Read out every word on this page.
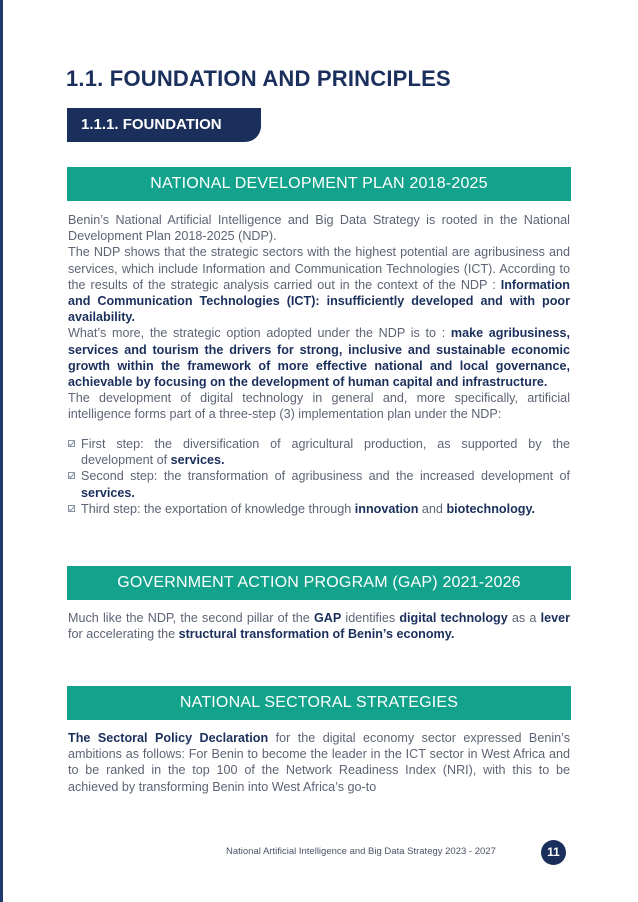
1.1. FOUNDATION AND PRINCIPLES
1.1.1. FOUNDATION
NATIONAL DEVELOPMENT PLAN 2018-2025

Benin’s National Artificial Intelligence and Big Data Strategy is rooted in the National Development Plan 2018-2025 (NDP).

The NDP shows that the strategic sectors with the highest potential are agribusiness and services, which include Information and Communication Technologies (ICT). According to the results of the strategic analysis carried out in the context of the NDP : Information and Communication Technologies (ICT): insufficiently developed and with poor availability.

What’s more, the strategic option adopted under the NDP is to : make agribusiness, services and tourism the drivers for strong, inclusive and sustainable economic growth within the framework of more effective national and local governance, achievable by focusing on the development of human capital and infrastructure.

The development of digital technology in general and, more specifically, artificial intelligence forms part of a three-step (3) implementation plan under the NDP:

First step: the diversification of agricultural production, as supported by the development of services.
Second step: the transformation of agribusiness and the increased development of services.
Third step: the exportation of knowledge through innovation and biotechnology.
GOVERNMENT ACTION PROGRAM (GAP) 2021-2026

Much like the NDP, the second pillar of the GAP identifies digital technology as a lever for accelerating the structural transformation of Benin’s economy.

NATIONAL SECTORAL STRATEGIES

The Sectoral Policy Declaration for the digital economy sector expressed Benin’s ambitions as follows: For Benin to become the leader in the ICT sector in West Africa and to be ranked in the top 100 of the Network Readiness Index (NRI), with this to be achieved by transforming Benin into West Africa’s go-to

National Artificial Intelligence and Big Data Strategy 2023 - 2027	11
